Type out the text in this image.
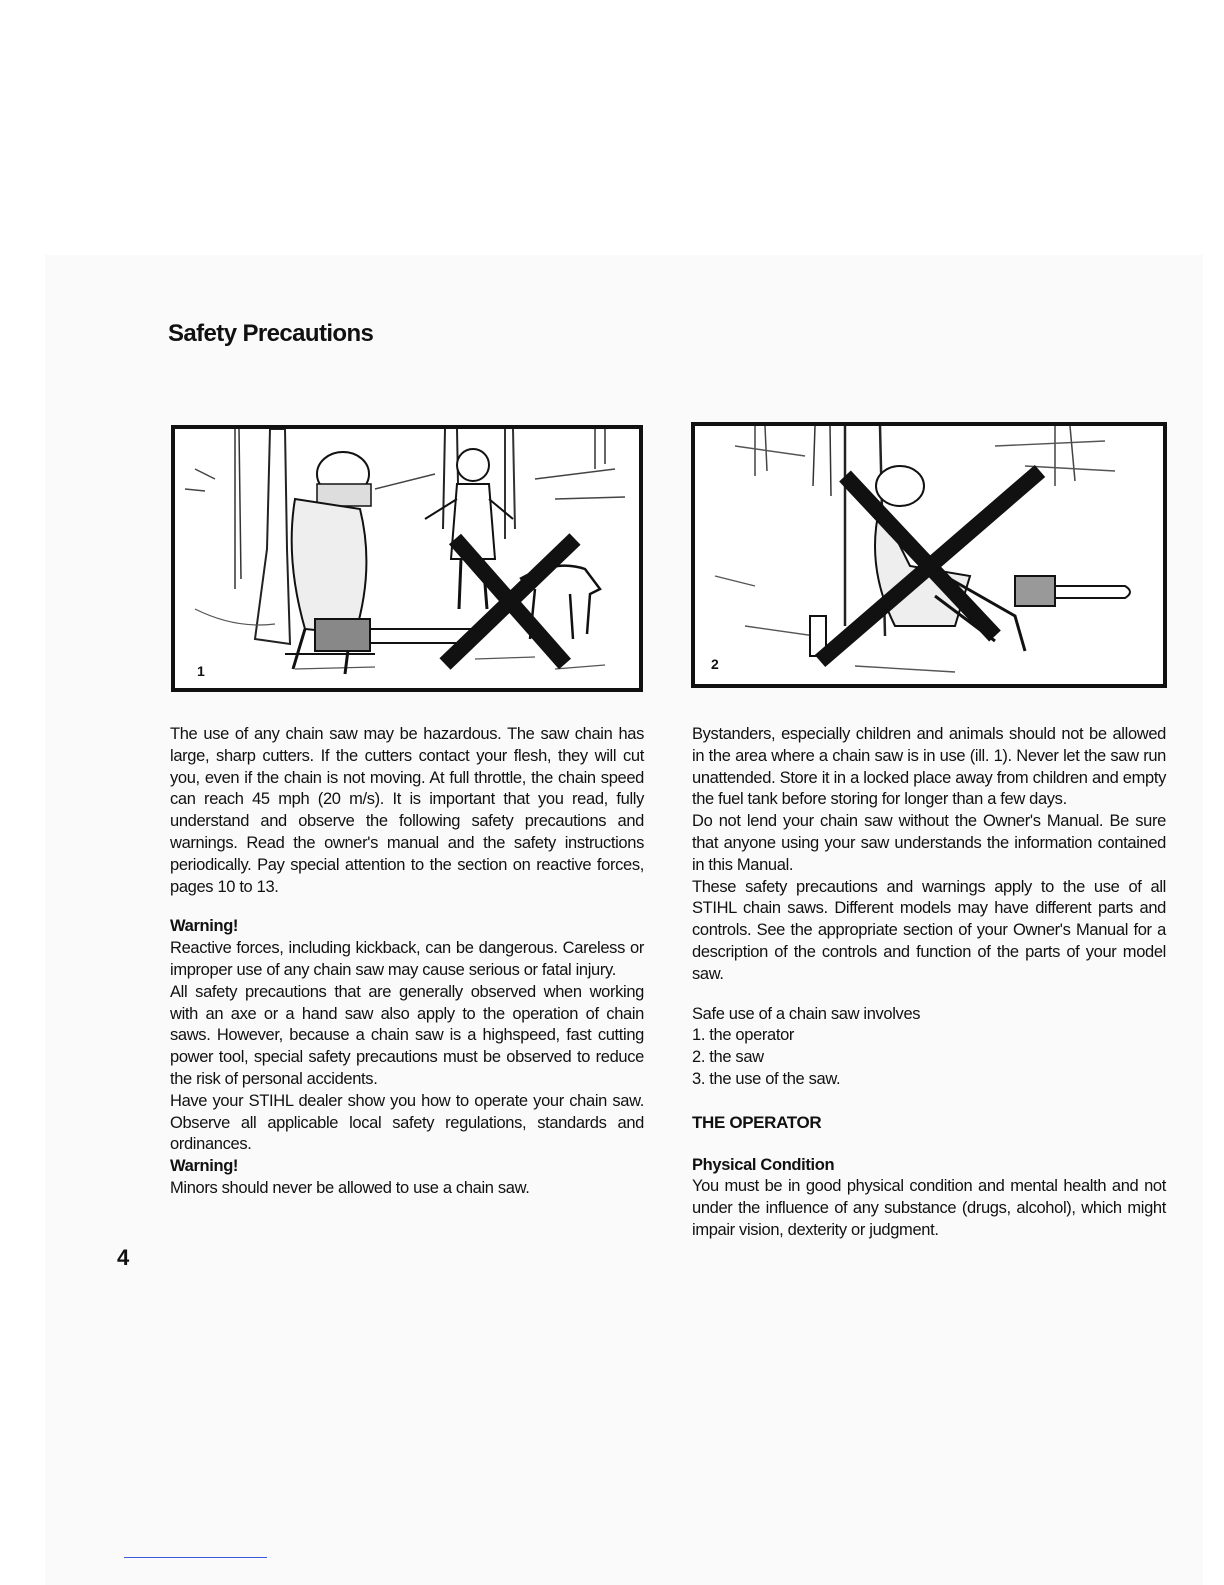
Safety Precautions
1	2

The use of any chain saw may be hazardous. The saw chain has large, sharp cutters. If the cutters contact your flesh, they will cut you, even if the chain is not moving. At full throttle, the chain speed can reach 45 mph (20 m/s). It is important that you read, fully understand and observe the following safety precautions and warnings. Read the owner's manual and the safety instructions periodically. Pay special attention to the section on reactive forces, pages 10 to 13.

Warning!

Reactive forces, including kickback, can be dangerous. Careless or improper use of any chain saw may cause serious or fatal injury.

All safety precautions that are generally observed when working with an axe or a hand saw also apply to the operation of chain saws. However, because a chain saw is a highspeed, fast cutting power tool, special safety precautions must be observed to reduce the risk of personal accidents.

Have your STIHL dealer show you how to operate your chain saw. Observe all applicable local safety regulations, standards and ordinances.

Warning!

Minors should never be allowed to use a chain saw.

Bystanders, especially children and animals should not be allowed in the area where a chain saw is in use (ill. 1). Never let the saw run unattended. Store it in a locked place away from children and empty the fuel tank before storing for longer than a few days.

Do not lend your chain saw without the Owner's Manual. Be sure that anyone using your saw understands the information contained in this Manual.

These safety precautions and warnings apply to the use of all STIHL chain saws. Different models may have different parts and controls. See the appropriate section of your Owner's Manual for a description of the controls and function of the parts of your model saw.

Safe use of a chain saw involves

1. the operator

2. the saw

3. the use of the saw.

THE OPERATOR

Physical Condition

You must be in good physical condition and mental health and not under the influence of any substance (drugs, alcohol), which might impair vision, dexterity or judgment.

4
